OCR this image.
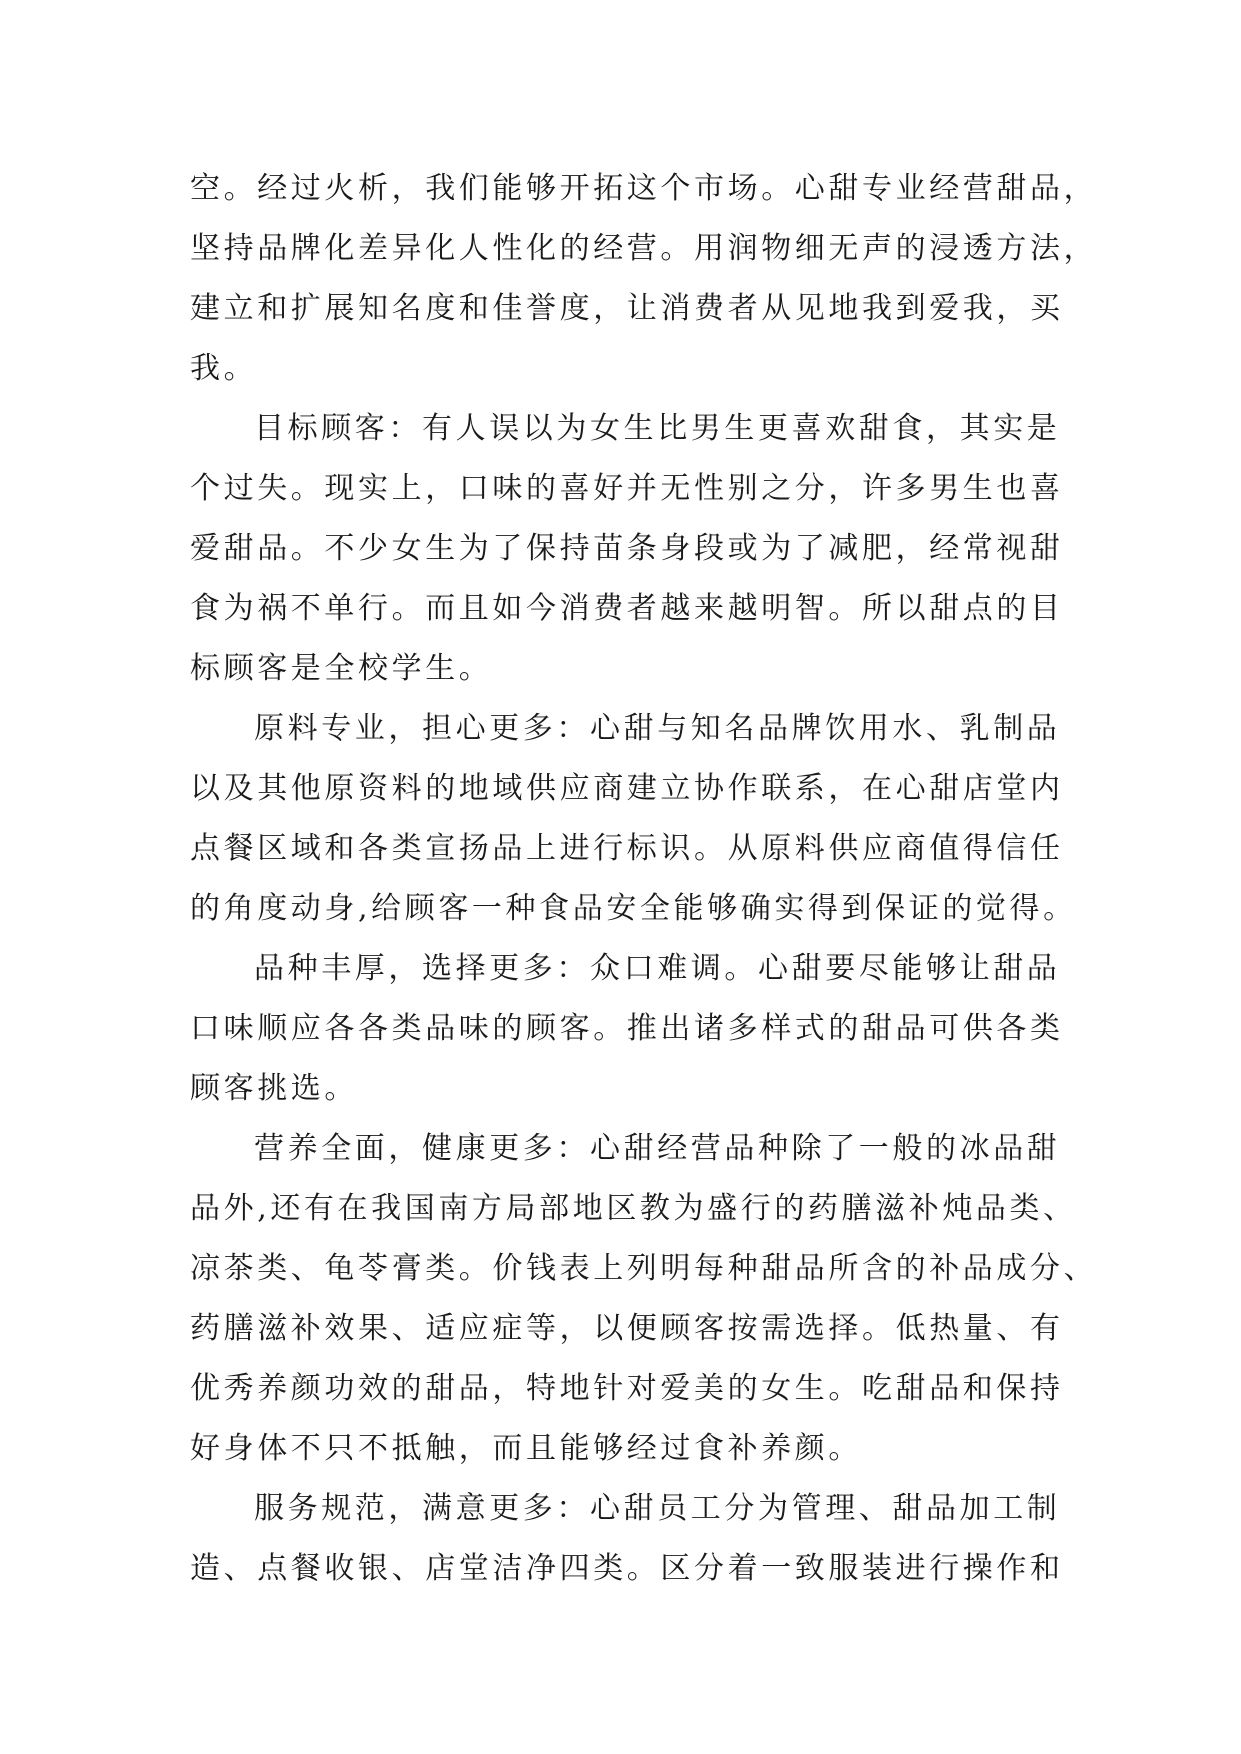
空。经过火析，我们能够开拓这个市场。心甜专业经营甜品，
坚持品牌化差异化人性化的经营。用润物细无声的浸透方法，
建立和扩展知名度和佳誉度，让消费者从见地我到爱我，买
我。
目标顾客：有人误以为女生比男生更喜欢甜食，其实是
个过失。现实上，口味的喜好并无性别之分，许多男生也喜
爱甜品。不少女生为了保持苗条身段或为了减肥，经常视甜
食为祸不单行。而且如今消费者越来越明智。所以甜点的目
标顾客是全校学生。
原料专业，担心更多：心甜与知名品牌饮用水、乳制品
以及其他原资料的地域供应商建立协作联系，在心甜店堂内
点餐区域和各类宣扬品上进行标识。从原料供应商值得信任
的角度动身,给顾客一种食品安全能够确实得到保证的觉得。
品种丰厚，选择更多：众口难调。心甜要尽能够让甜品
口味顺应各各类品味的顾客。推出诸多样式的甜品可供各类
顾客挑选。
营养全面，健康更多：心甜经营品种除了一般的冰品甜
品外,还有在我国南方局部地区教为盛行的药膳滋补炖品类、
凉茶类、龟苓膏类。价钱表上列明每种甜品所含的补品成分、
药膳滋补效果、适应症等，以便顾客按需选择。低热量、有
优秀养颜功效的甜品，特地针对爱美的女生。吃甜品和保持
好身体不只不抵触，而且能够经过食补养颜。
服务规范，满意更多：心甜员工分为管理、甜品加工制
造、点餐收银、店堂洁净四类。区分着一致服装进行操作和
